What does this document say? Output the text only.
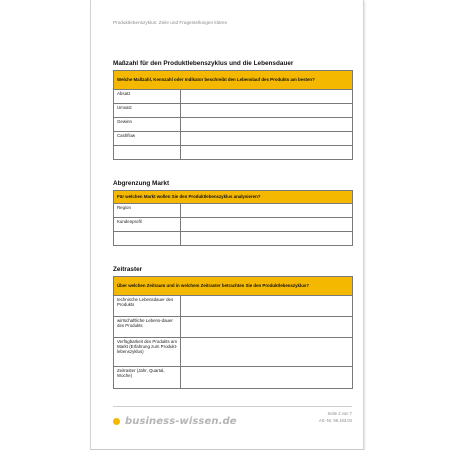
Produktlebenszyklus: Ziele und Fragestellungen klären
Maßzahl für den Produktlebenszyklus und die Lebensdauer
Welche Maßzahl, Kennzahl oder Indikator beschreibt den Lebenslauf des Produkts am besten?	
Absatz	
Umsatz	
Gewinn	
Cashflow	

Abgrenzung Markt
Für welchen Markt wollen Sie den Produktlebenszyklus analysieren?	
Region	
Kundenprofil	

Zeitraster
Über welchen Zeitraum und in welchem Zeitraster betrachten Sie den Produktlebenszyklus?	
technische Lebensdauer des Produkts	
wirtschaftliche Lebens-dauer des Produkts	
Verfügbarkeit des Produkts am Markt (Erfahrung zum Produkt-lebenszyklus)	
Zeitraster (Jahr, Quartal, Woche)	
business-wissen.de
Seite 2 von 7
Art.-Nr. 99.163.04
